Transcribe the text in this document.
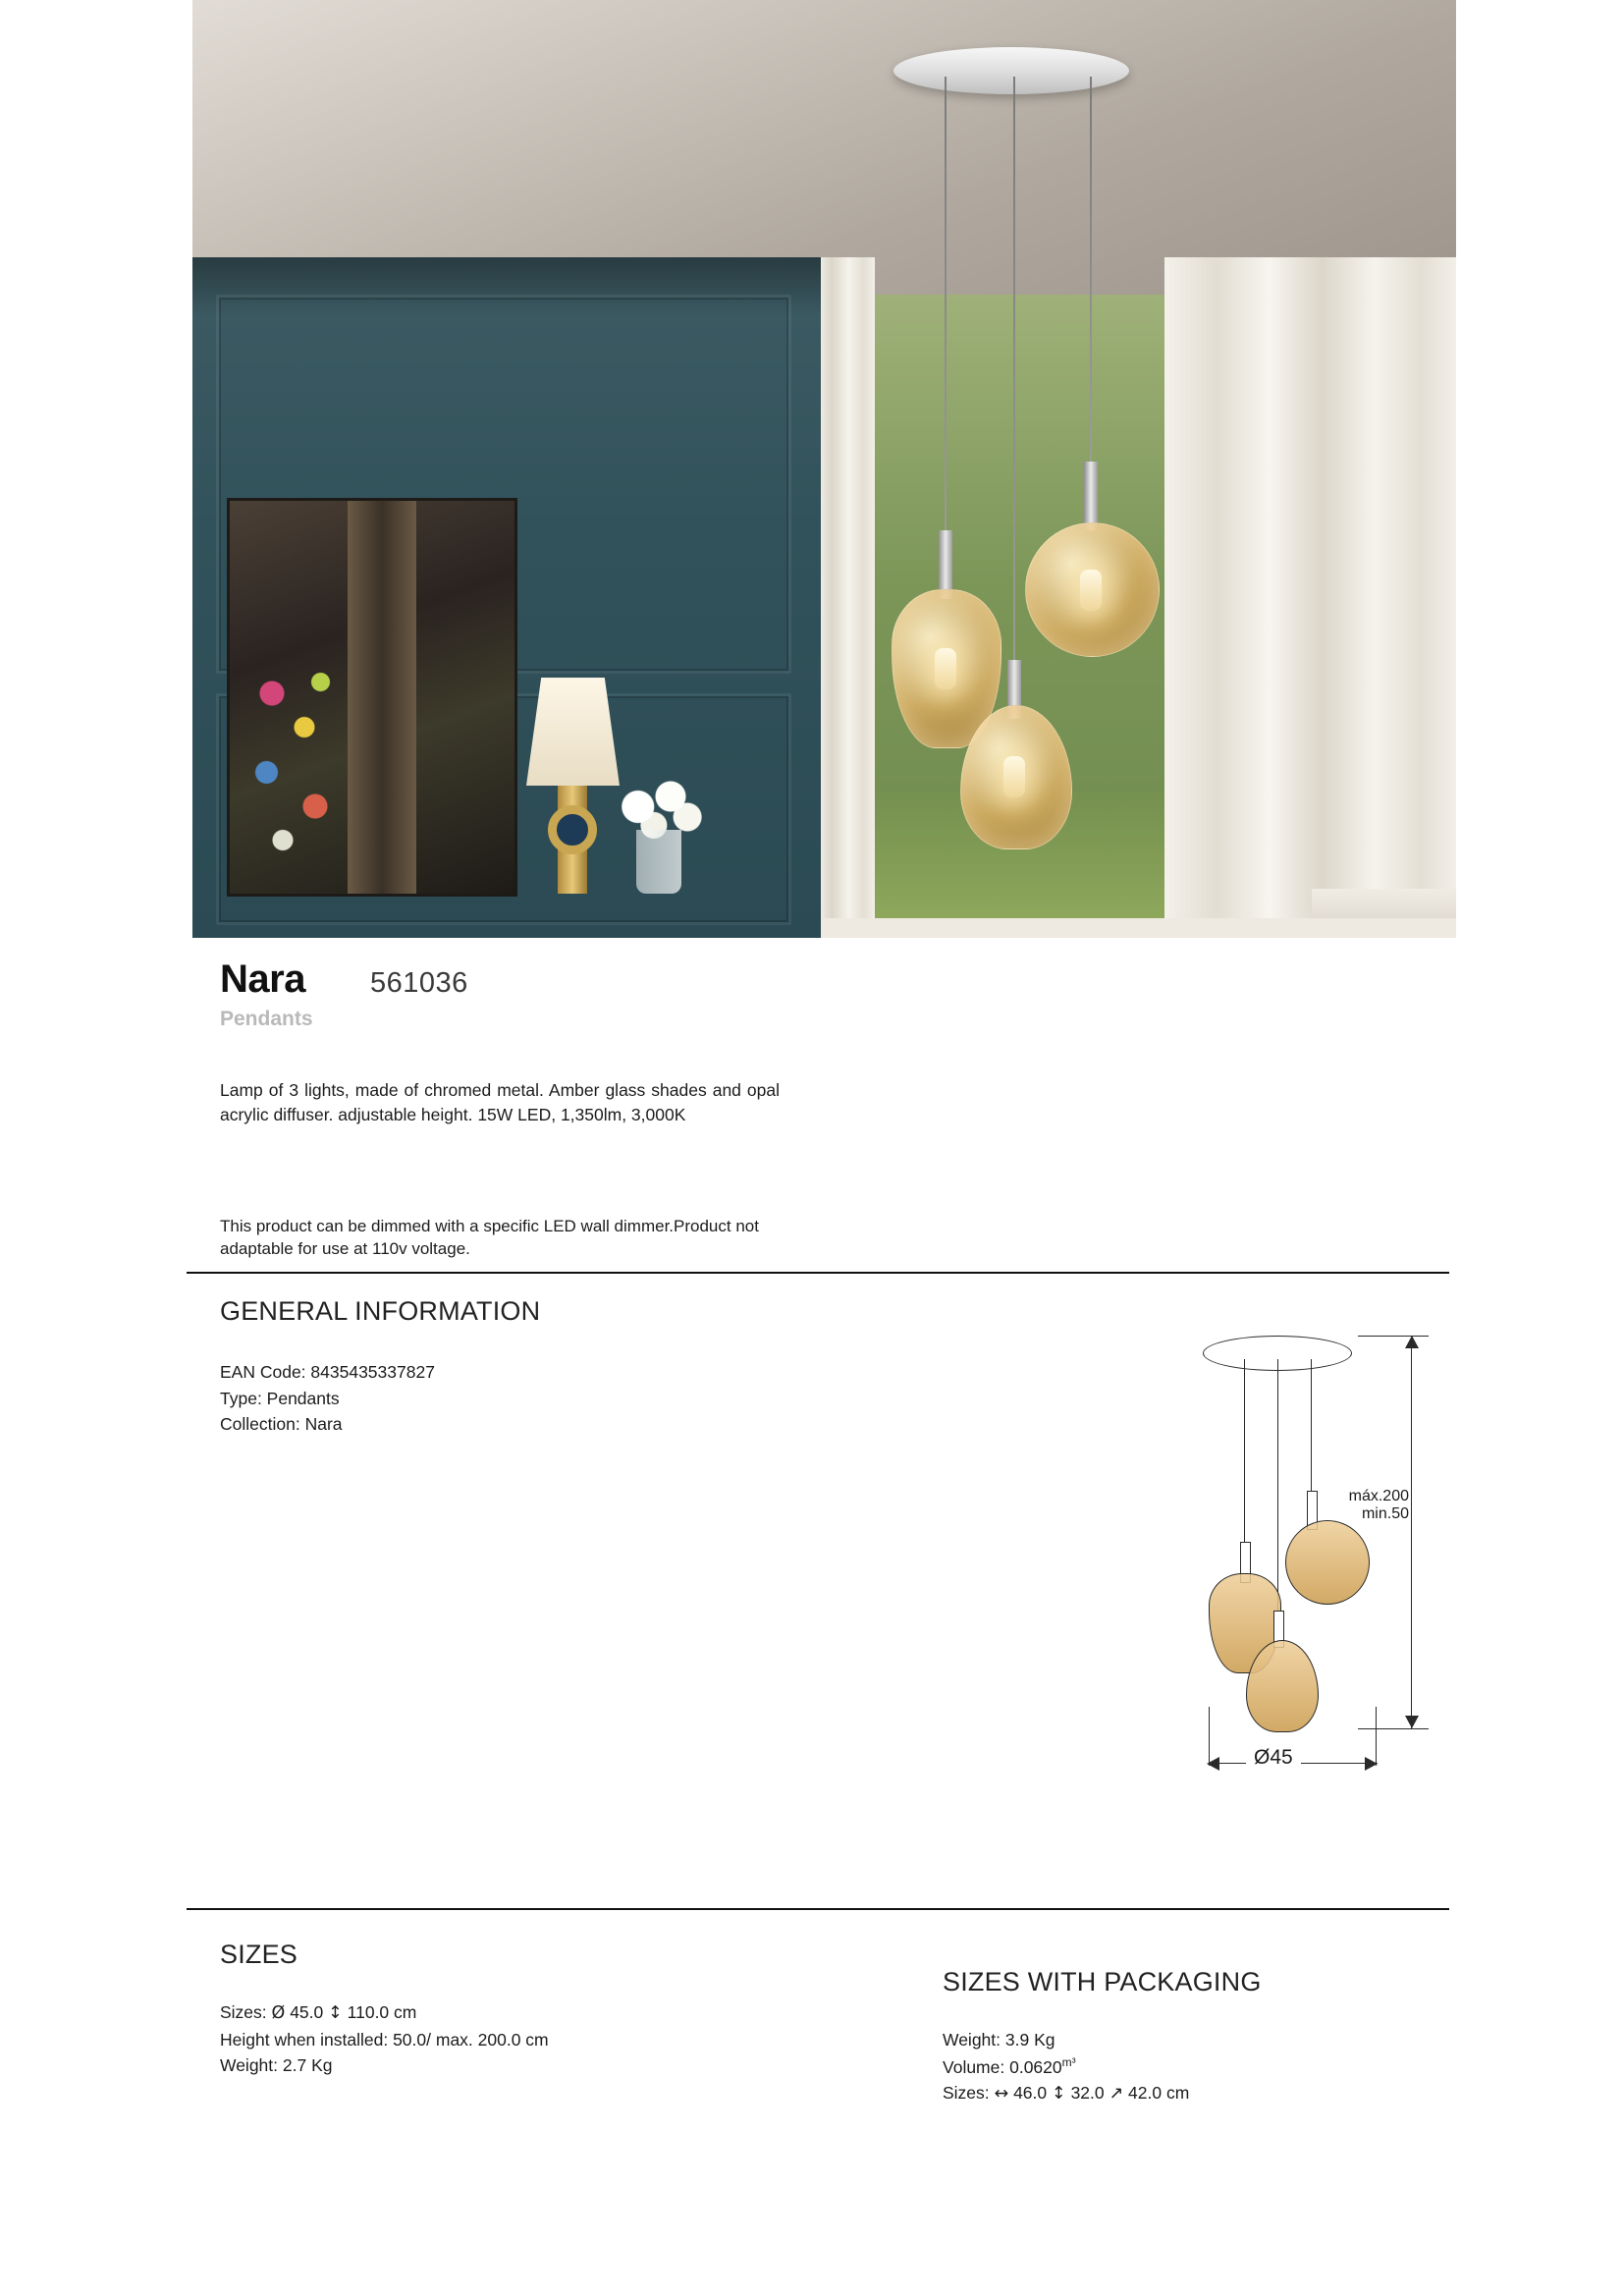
Nara 561036
Pendants
Lamp of 3 lights, made of chromed metal. Amber glass shades and opal acrylic diffuser. adjustable height. 15W LED, 1,350lm, 3,000K
This product can be dimmed with a specific LED wall dimmer.Product not adaptable for use at 110v voltage.
GENERAL INFORMATION
EAN Code: 8435435337827
Type: Pendants
Collection: Nara
máx.200
min.50
Ø45
SIZES
Sizes: Ø 45.0 ↕ 110.0 cm
Height when installed: 50.0/ max. 200.0 cm
Weight: 2.7 Kg
SIZES WITH PACKAGING
Weight: 3.9 Kg
Volume: $0.0620^{m^3}$
Sizes: ↔ 46.0 ↕ 32.0 ↗ 42.0 cm
